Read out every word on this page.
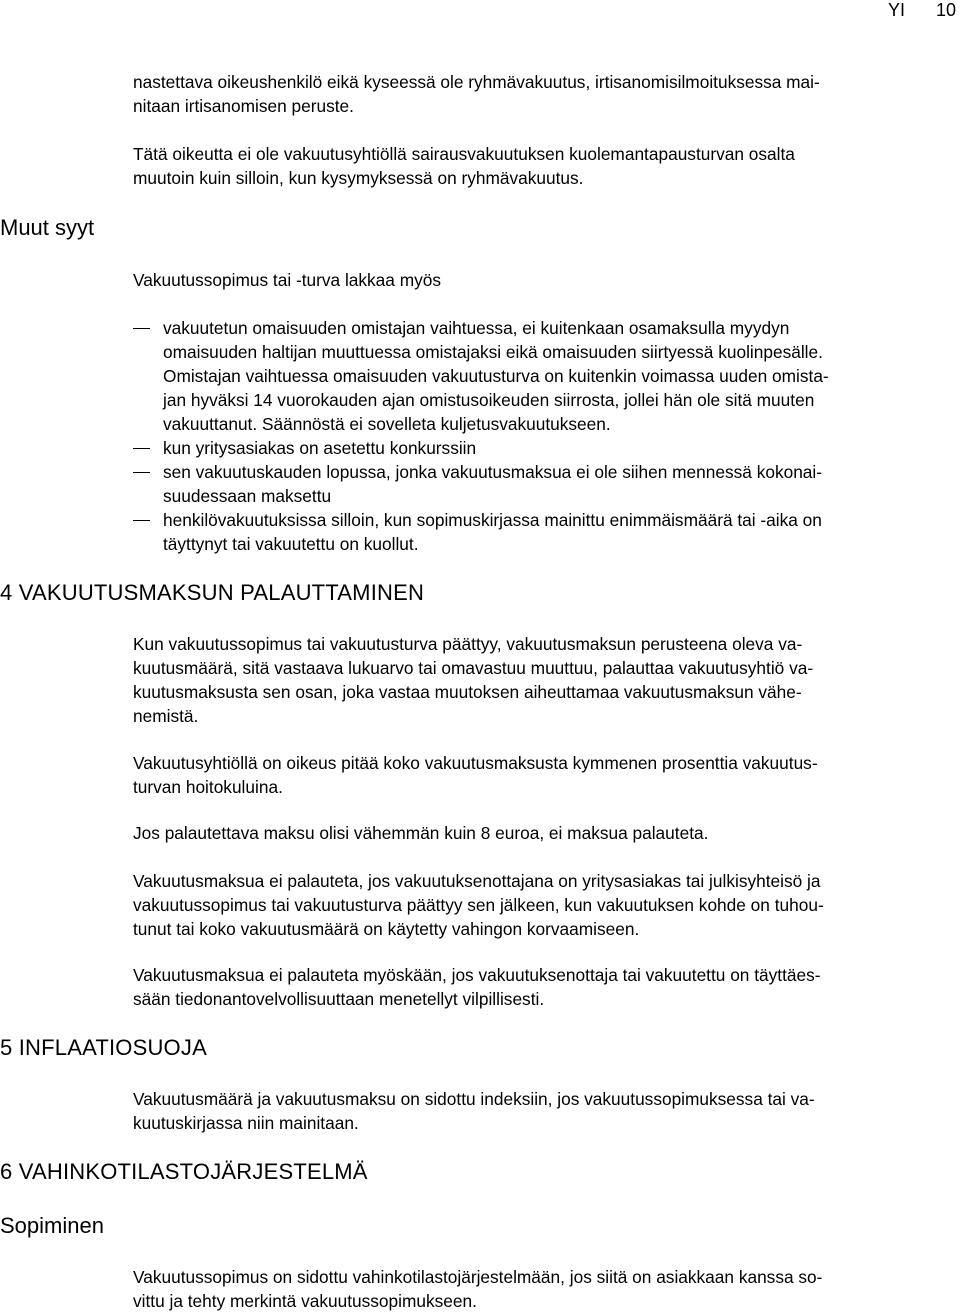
YI 10
nastettava oikeushenkilö eikä kyseessä ole ryhmävakuutus, irtisanomisilmoituksessa mai-
nitaan irtisanomisen peruste.
Tätä oikeutta ei ole vakuutusyhtiöllä sairausvakuutuksen kuolemantapausturvan osalta
muutoin kuin silloin, kun kysymyksessä on ryhmävakuutus.
Muut syyt
Vakuutussopimus tai -turva lakkaa myös
vakuutetun omaisuuden omistajan vaihtuessa, ei kuitenkaan osamaksulla myydyn
omaisuuden haltijan muuttuessa omistajaksi eikä omaisuuden siirtyessä kuolinpesälle.
Omistajan vaihtuessa omaisuuden vakuutusturva on kuitenkin voimassa uuden omista-
jan hyväksi 14 vuorokauden ajan omistusoikeuden siirrosta, jollei hän ole sitä muuten
vakuuttanut. Säännöstä ei sovelleta kuljetusvakuutukseen.
kun yritysasiakas on asetettu konkurssiin
sen vakuutuskauden lopussa, jonka vakuutusmaksua ei ole siihen mennessä kokonai-
suudessaan maksettu
henkilövakuutuksissa silloin, kun sopimuskirjassa mainittu enimmäismäärä tai -aika on
täyttynyt tai vakuutettu on kuollut.
4 VAKUUTUSMAKSUN PALAUTTAMINEN
Kun vakuutussopimus tai vakuutusturva päättyy, vakuutusmaksun perusteena oleva va-
kuutusmäärä, sitä vastaava lukuarvo tai omavastuu muuttuu, palauttaa vakuutusyhtiö va-
kuutusmaksusta sen osan, joka vastaa muutoksen aiheuttamaa vakuutusmaksun vähe-
nemistä.
Vakuutusyhtiöllä on oikeus pitää koko vakuutusmaksusta kymmenen prosenttia vakuutus-
turvan hoitokuluina.
Jos palautettava maksu olisi vähemmän kuin 8 euroa, ei maksua palauteta.
Vakuutusmaksua ei palauteta, jos vakuutuksenottajana on yritysasiakas tai julkisyhteisö ja
vakuutussopimus tai vakuutusturva päättyy sen jälkeen, kun vakuutuksen kohde on tuhou-
tunut tai koko vakuutusmäärä on käytetty vahingon korvaamiseen.
Vakuutusmaksua ei palauteta myöskään, jos vakuutuksenottaja tai vakuutettu on täyttäes-
sään tiedonantovelvollisuuttaan menetellyt vilpillisesti.
5 INFLAATIOSUOJA
Vakuutusmäärä ja vakuutusmaksu on sidottu indeksiin, jos vakuutussopimuksessa tai va-
kuutuskirjassa niin mainitaan.
6 VAHINKOTILASTOJÄRJESTELMÄ
Sopiminen
Vakuutussopimus on sidottu vahinkotilastojärjestelmään, jos siitä on asiakkaan kanssa so-
vittu ja tehty merkintä vakuutussopimukseen.
